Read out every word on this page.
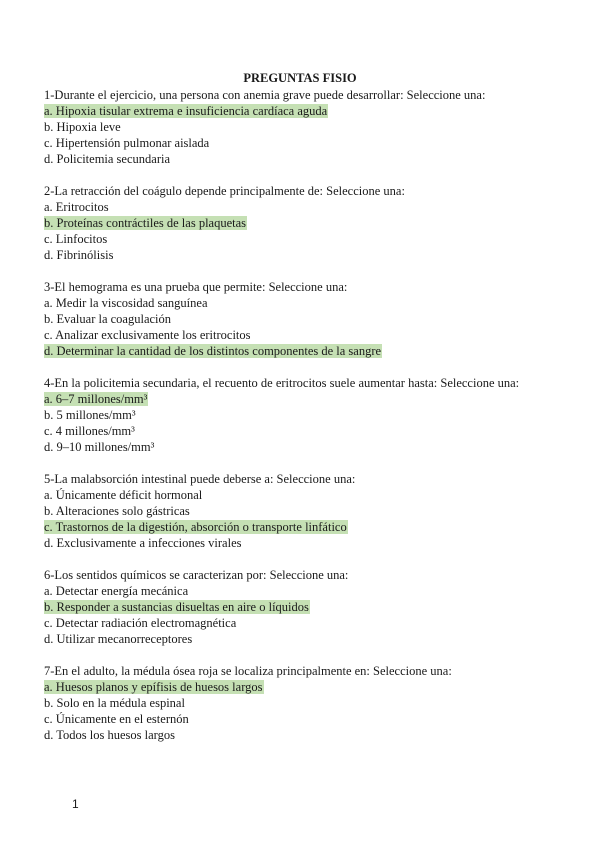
PREGUNTAS FISIO
1-Durante el ejercicio, una persona con anemia grave puede desarrollar: Seleccione una:
a. Hipoxia tisular extrema e insuficiencia cardíaca aguda
b. Hipoxia leve
c. Hipertensión pulmonar aislada
d. Policitemia secundaria
2-La retracción del coágulo depende principalmente de: Seleccione una:
a. Eritrocitos
b. Proteínas contráctiles de las plaquetas
c. Linfocitos
d. Fibrinólisis
3-El hemograma es una prueba que permite: Seleccione una:
a. Medir la viscosidad sanguínea
b. Evaluar la coagulación
c. Analizar exclusivamente los eritrocitos
d. Determinar la cantidad de los distintos componentes de la sangre
4-En la policitemia secundaria, el recuento de eritrocitos suele aumentar hasta: Seleccione una:
a. 6–7 millones/mm³
b. 5 millones/mm³
c. 4 millones/mm³
d. 9–10 millones/mm³
5-La malabsorción intestinal puede deberse a: Seleccione una:
a. Únicamente déficit hormonal
b. Alteraciones solo gástricas
c. Trastornos de la digestión, absorción o transporte linfático
d. Exclusivamente a infecciones virales
6-Los sentidos químicos se caracterizan por: Seleccione una:
a. Detectar energía mecánica
b. Responder a sustancias disueltas en aire o líquidos
c. Detectar radiación electromagnética
d. Utilizar mecanorreceptores
7-En el adulto, la médula ósea roja se localiza principalmente en: Seleccione una:
a. Huesos planos y epífisis de huesos largos
b. Solo en la médula espinal
c. Únicamente en el esternón
d. Todos los huesos largos
1
